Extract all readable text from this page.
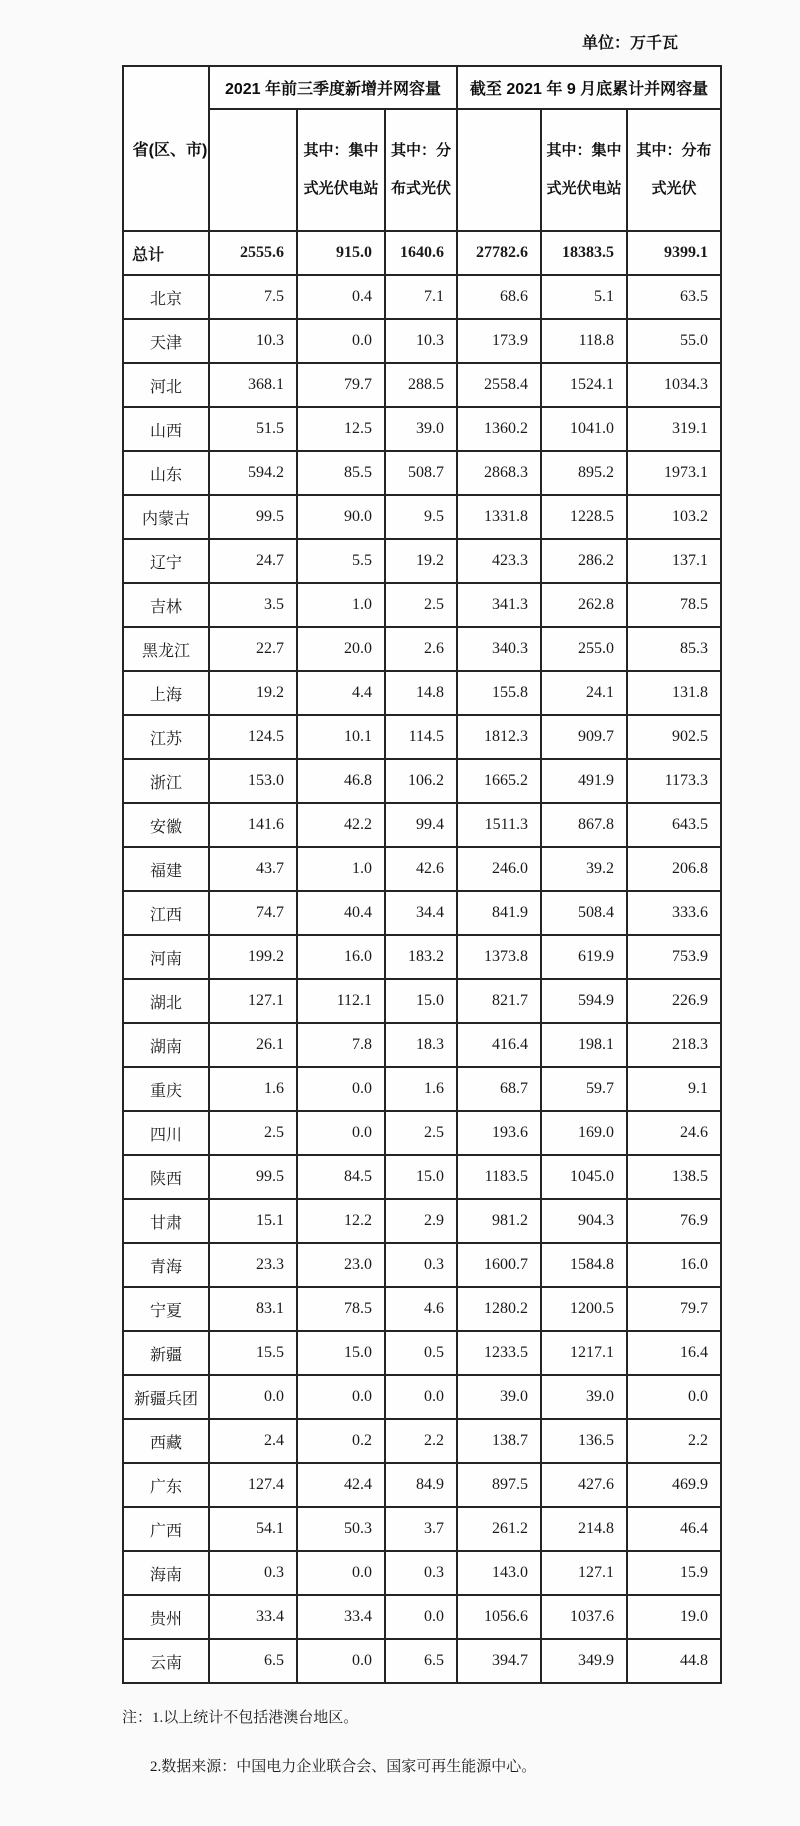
单位：万千瓦
省(区、市)	2021 年前三季度新增并网容量			截至 2021 年 9 月底累计并网容量		
		其中：集中式光伏电站	其中：分布式光伏		其中：集中式光伏电站	其中：分布式光伏
总计	2555.6	915.0	1640.6	27782.6	18383.5	9399.1
北京	7.5	0.4	7.1	68.6	5.1	63.5
天津	10.3	0.0	10.3	173.9	118.8	55.0
河北	368.1	79.7	288.5	2558.4	1524.1	1034.3
山西	51.5	12.5	39.0	1360.2	1041.0	319.1
山东	594.2	85.5	508.7	2868.3	895.2	1973.1
内蒙古	99.5	90.0	9.5	1331.8	1228.5	103.2
辽宁	24.7	5.5	19.2	423.3	286.2	137.1
吉林	3.5	1.0	2.5	341.3	262.8	78.5
黑龙江	22.7	20.0	2.6	340.3	255.0	85.3
上海	19.2	4.4	14.8	155.8	24.1	131.8
江苏	124.5	10.1	114.5	1812.3	909.7	902.5
浙江	153.0	46.8	106.2	1665.2	491.9	1173.3
安徽	141.6	42.2	99.4	1511.3	867.8	643.5
福建	43.7	1.0	42.6	246.0	39.2	206.8
江西	74.7	40.4	34.4	841.9	508.4	333.6
河南	199.2	16.0	183.2	1373.8	619.9	753.9
湖北	127.1	112.1	15.0	821.7	594.9	226.9
湖南	26.1	7.8	18.3	416.4	198.1	218.3
重庆	1.6	0.0	1.6	68.7	59.7	9.1
四川	2.5	0.0	2.5	193.6	169.0	24.6
陕西	99.5	84.5	15.0	1183.5	1045.0	138.5
甘肃	15.1	12.2	2.9	981.2	904.3	76.9
青海	23.3	23.0	0.3	1600.7	1584.8	16.0
宁夏	83.1	78.5	4.6	1280.2	1200.5	79.7
新疆	15.5	15.0	0.5	1233.5	1217.1	16.4
新疆兵团	0.0	0.0	0.0	39.0	39.0	0.0
西藏	2.4	0.2	2.2	138.7	136.5	2.2
广东	127.4	42.4	84.9	897.5	427.6	469.9
广西	54.1	50.3	3.7	261.2	214.8	46.4
海南	0.3	0.0	0.3	143.0	127.1	15.9
贵州	33.4	33.4	0.0	1056.6	1037.6	19.0
云南	6.5	0.0	6.5	394.7	349.9	44.8
注：1.以上统计不包括港澳台地区。
2.数据来源：中国电力企业联合会、国家可再生能源中心。
